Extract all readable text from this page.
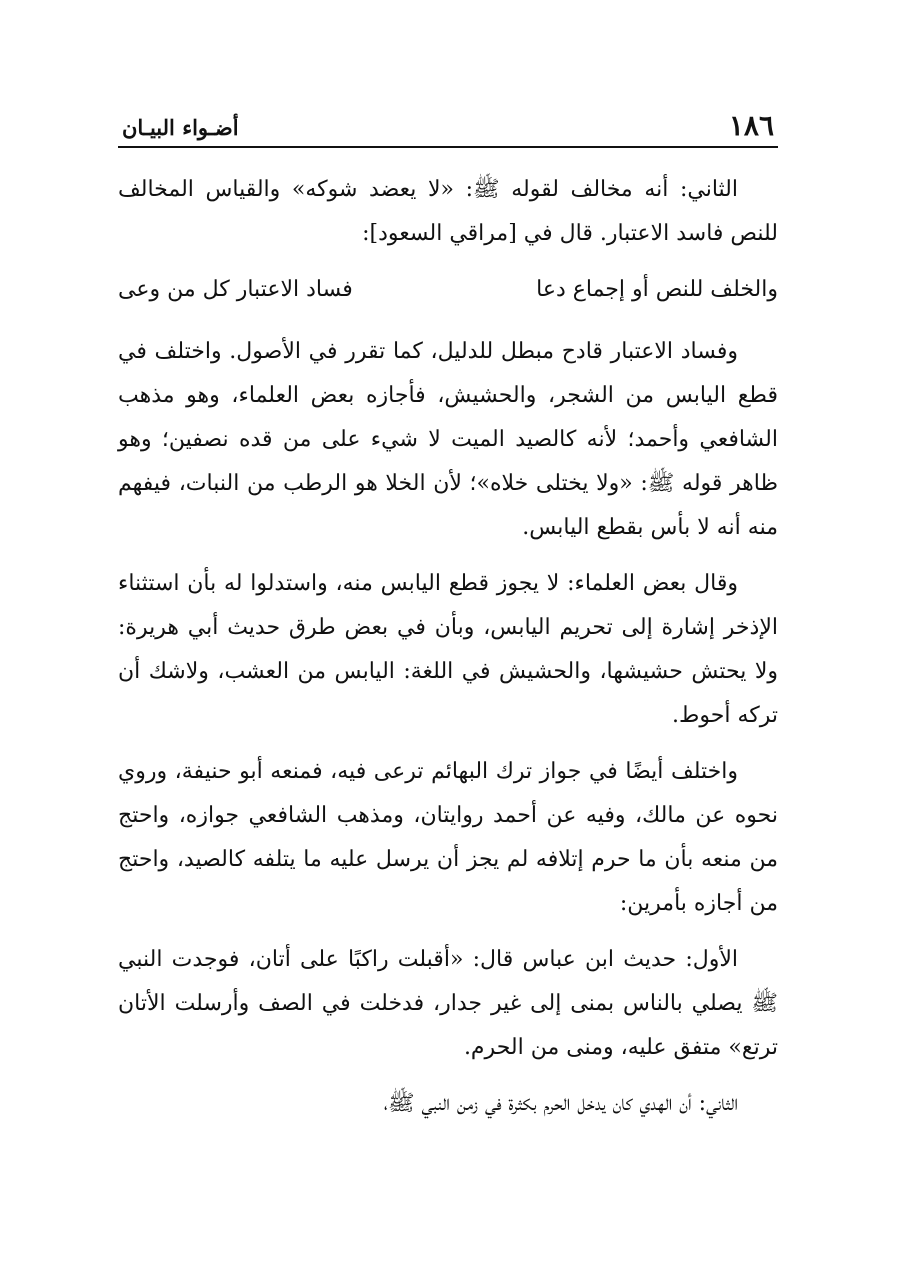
١٨٦
أضـواء البيـان

الثاني: أنه مخالف لقوله ﷺ: «لا يعضد شوكه» والقياس المخالف للنص فاسد الاعتبار. قال في [مراقي السعود]:

والخلف للنص أو إجماع دعا
فساد الاعتبار كل من وعى

وفساد الاعتبار قادح مبطل للدليل، كما تقرر في الأصول. واختلف في قطع اليابس من الشجر، والحشيش، فأجازه بعض العلماء، وهو مذهب الشافعي وأحمد؛ لأنه كالصيد الميت لا شيء على من قده نصفين؛ وهو ظاهر قوله ﷺ: «ولا يختلى خلاه»؛ لأن الخلا هو الرطب من النبات، فيفهم منه أنه لا بأس بقطع اليابس.

وقال بعض العلماء: لا يجوز قطع اليابس منه، واستدلوا له بأن استثناء الإذخر إشارة إلى تحريم اليابس، وبأن في بعض طرق حديث أبي هريرة: ولا يحتش حشيشها، والحشيش في اللغة: اليابس من العشب، ولاشك أن تركه أحوط.

واختلف أيضًا في جواز ترك البهائم ترعى فيه، فمنعه أبو حنيفة، وروي نحوه عن مالك، وفيه عن أحمد روايتان، ومذهب الشافعي جوازه، واحتج من منعه بأن ما حرم إتلافه لم يجز أن يرسل عليه ما يتلفه كالصيد، واحتج من أجازه بأمرين:

الأول: حديث ابن عباس قال: «أقبلت راكبًا على أتان، فوجدت النبي ﷺ يصلي بالناس بمنى إلى غير جدار، فدخلت في الصف وأرسلت الأتان ترتع» متفق عليه، ومنى من الحرم.

الثاني: أن الهدي كان يدخل الحرم بكثرة في زمن النبي ﷺ،
